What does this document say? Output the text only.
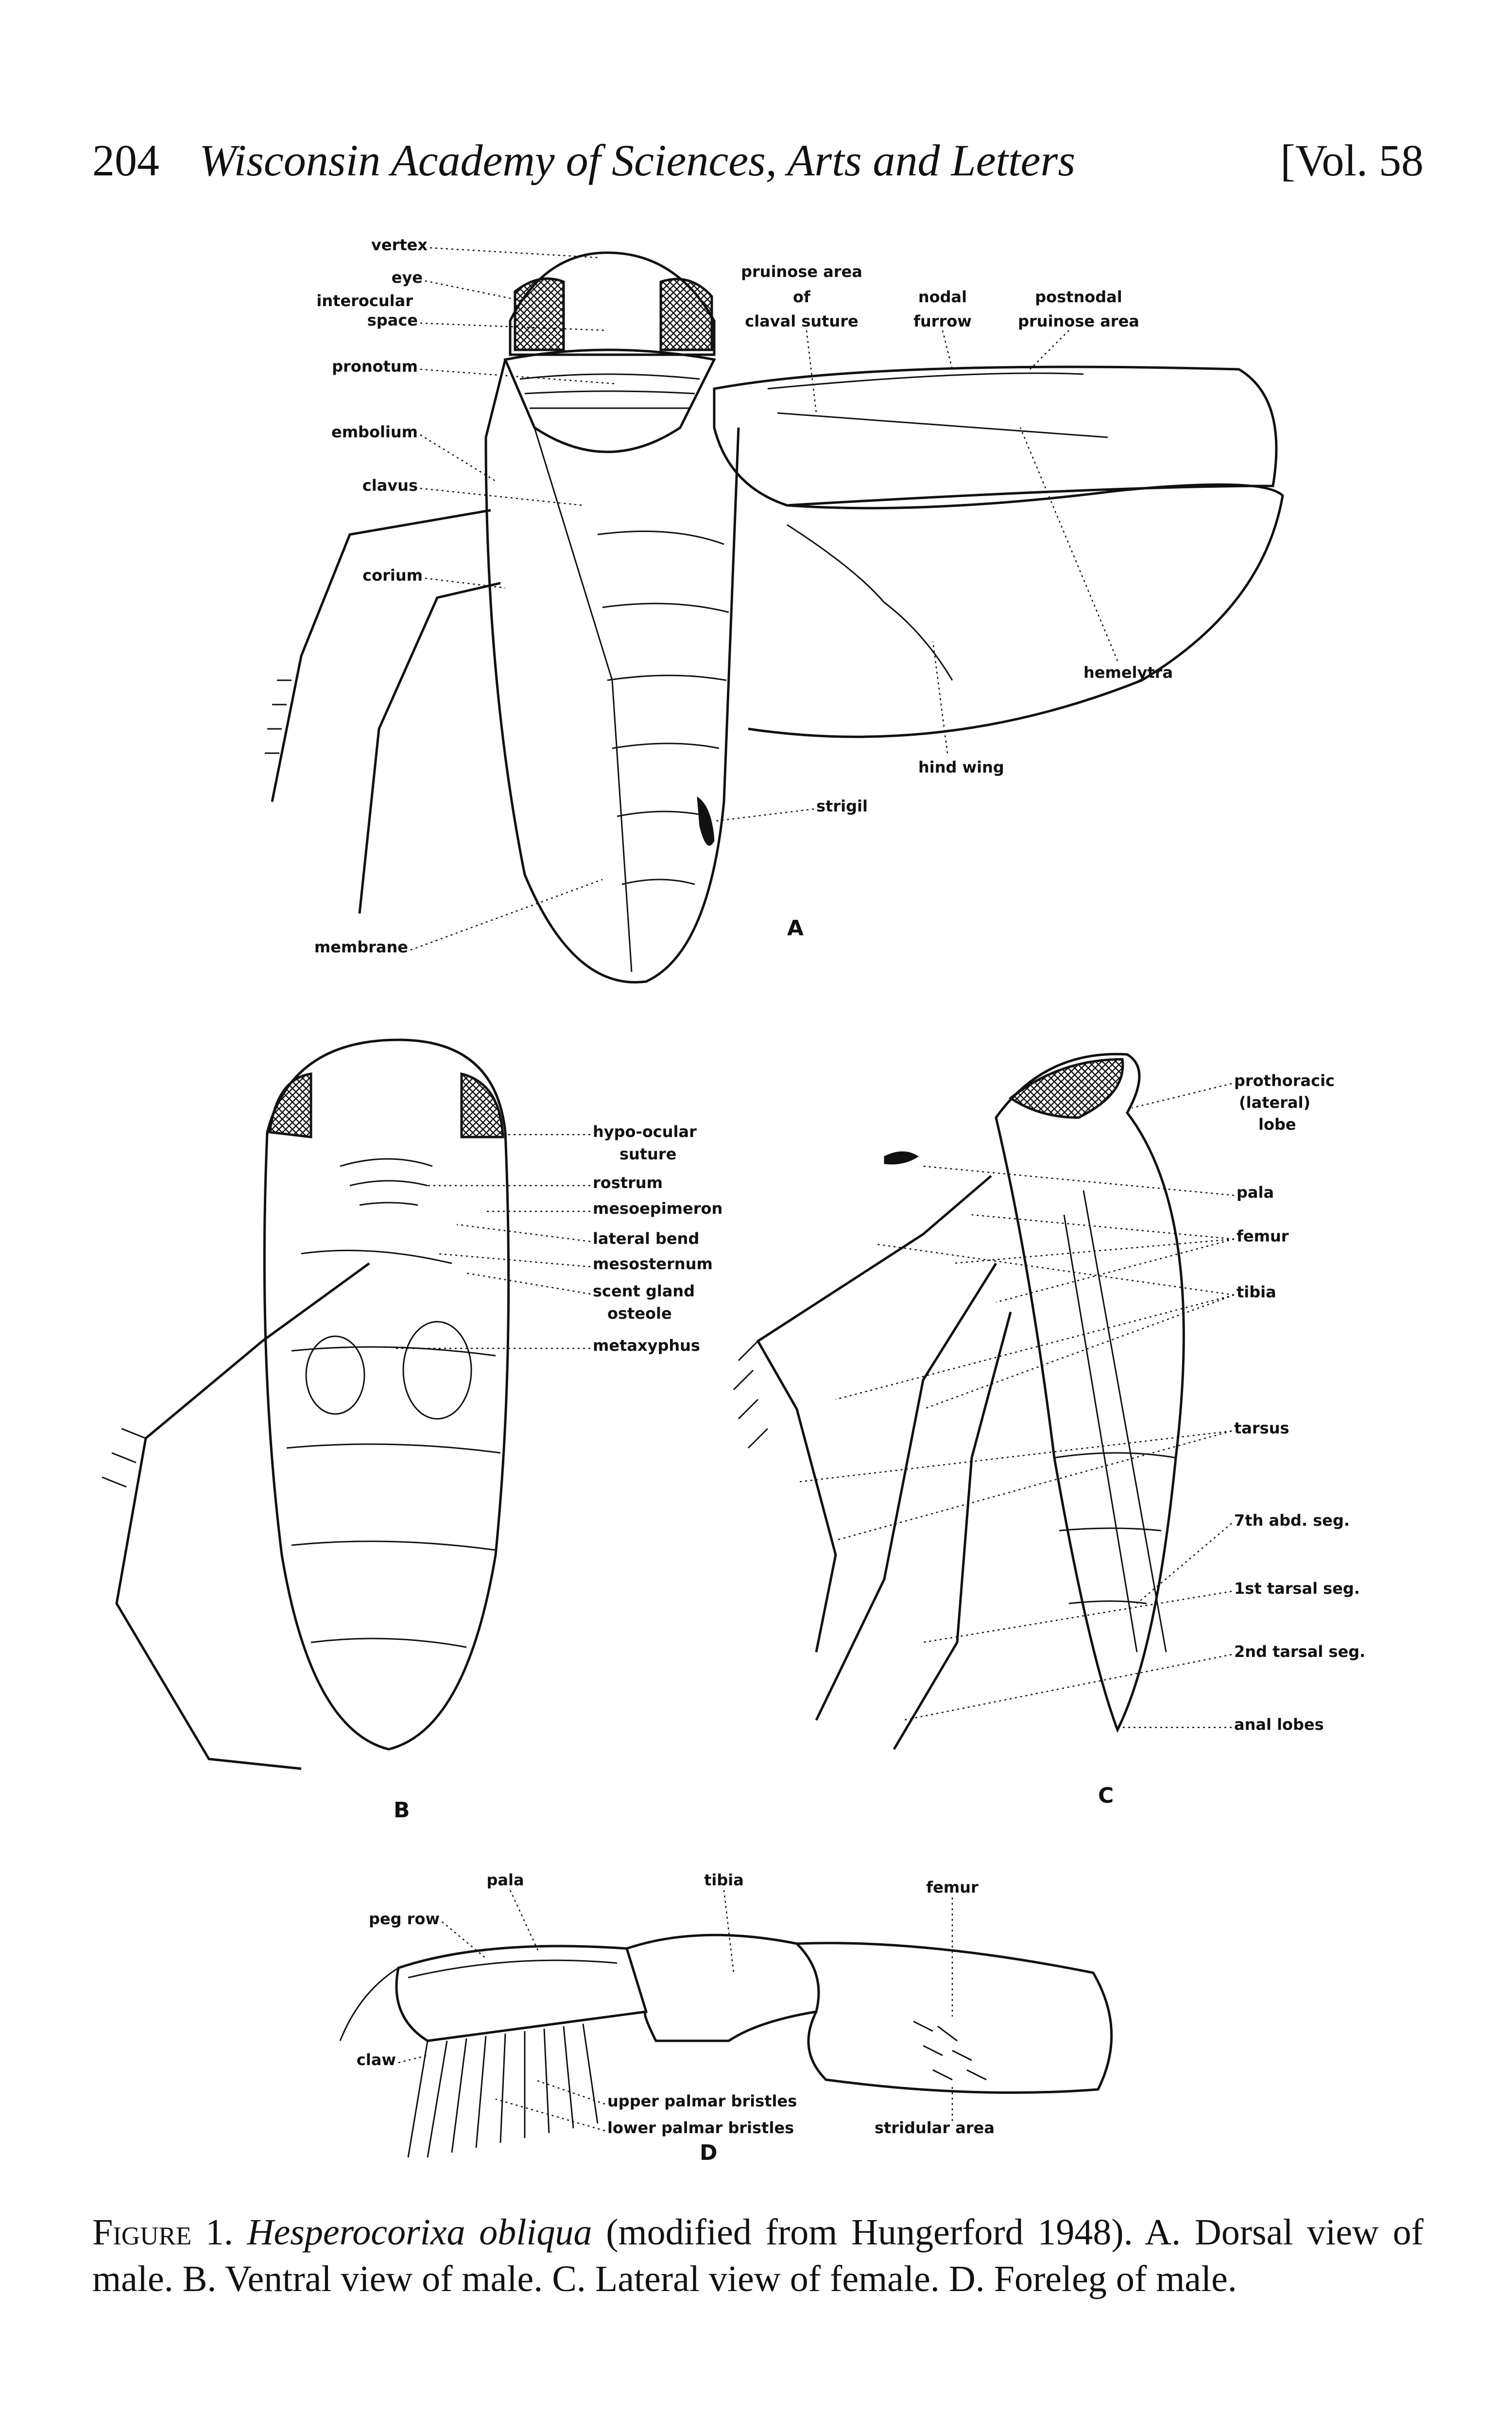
204 Wisconsin Academy of Sciences, Arts and Letters	[Vol. 58
vertex
eye
interocular
space
pronotum
embolium
clavus
corium
membrane
pruinose area
of
claval suture
nodal
furrow
postnodal
pruinose area
hemelytra
hind wing
strigil
A
hypo-ocular
suture
rostrum
mesoepimeron
lateral bend
mesosternum
scent gland
osteole
metaxyphus
B
prothoracic
(lateral)
lobe
pala
femur
tibia
tarsus
7th abd. seg.
1st tarsal seg.
2nd tarsal seg.
anal lobes
C
pala
peg row
tibia	femur
claw
upper palmar bristles
lower palmar bristles	stridular area
D

Figure 1. Hesperocorixa obliqua (modified from Hungerford 1948). A. Dorsal view of male. B. Ventral view of male. C. Lateral view of female. D. Foreleg of male.
